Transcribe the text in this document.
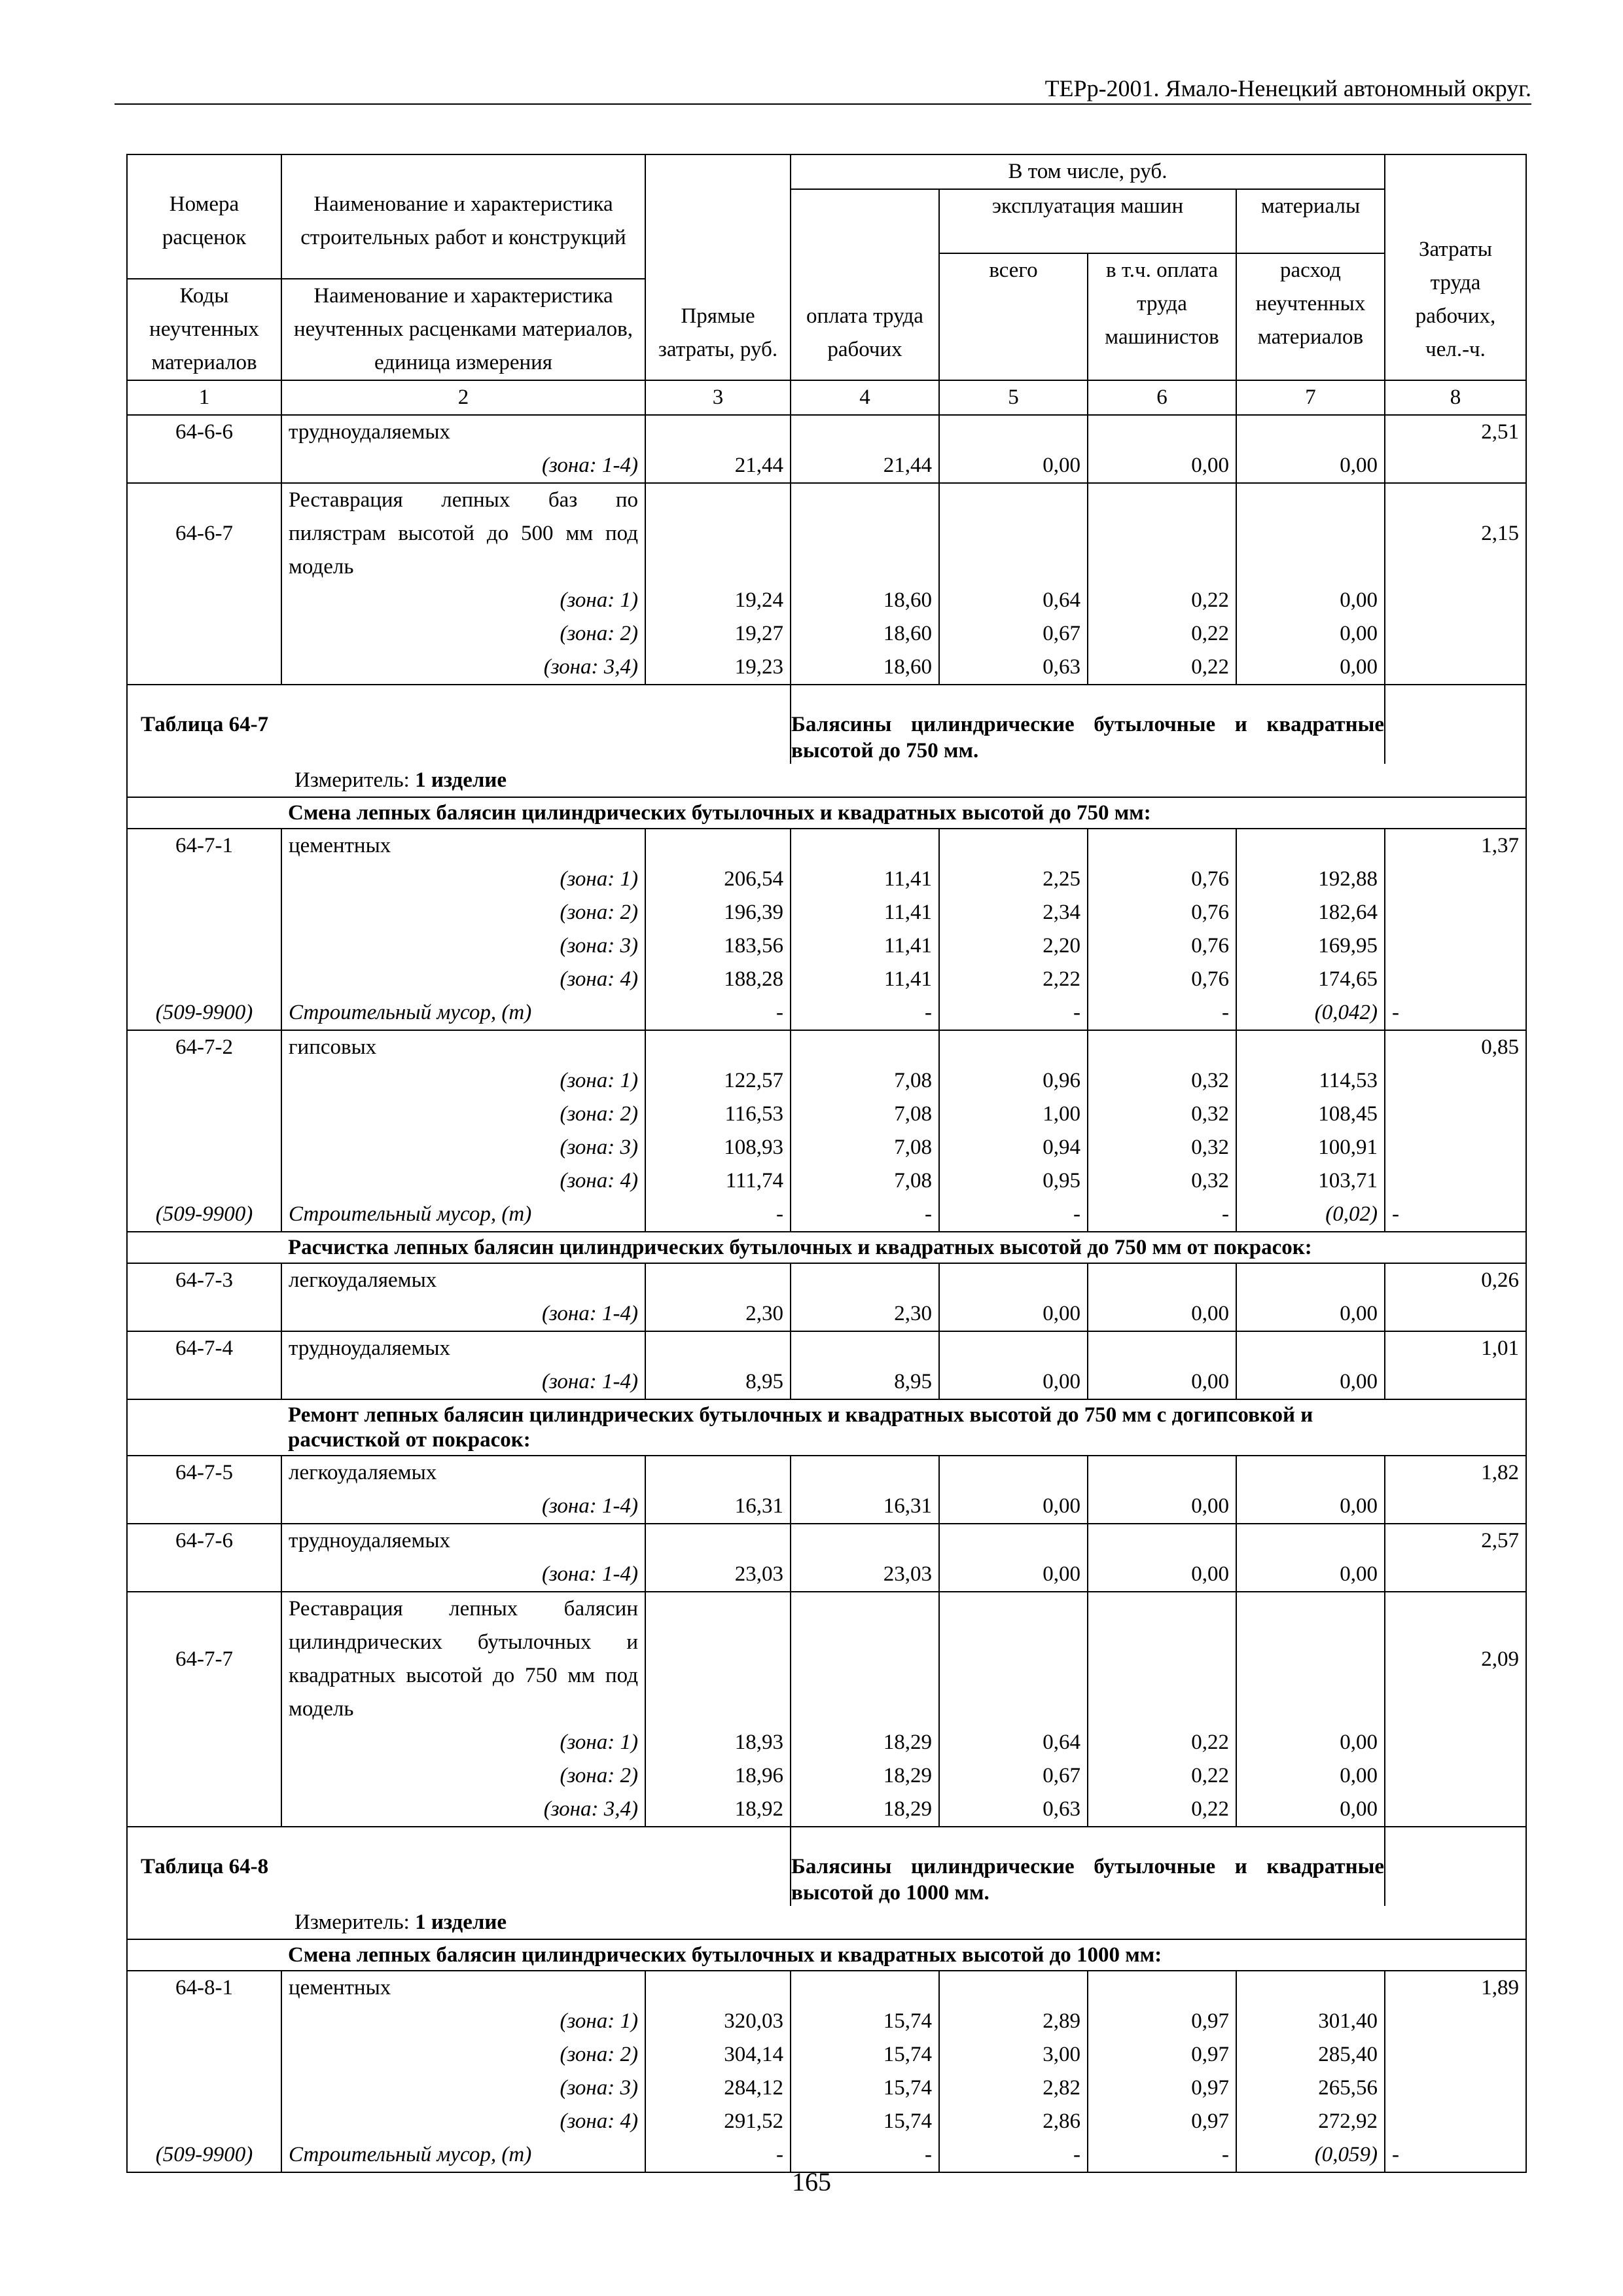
ТЕРр-2001. Ямало-Ненецкий автономный округ.
Номера расценок	Наименование и характеристика строительных работ и конструкций	Прямые затраты, руб.	В том числе, руб.				Затраты труда рабочих, чел.-ч.
			оплата труда рабочих	эксплуатация машин		материалы	
				всего	в т.ч. оплата труда машинистов	расход неучтенных материалов	
Коды неучтенных материалов	Наименование и характеристика неучтенных расценками материалов, единица измерения						
1	2	3	4	5	6	7	8
64-6-6	трудноудаляемых						2,51
	(зона: 1-4)	21,44	21,44	0,00	0,00	0,00	
64-6-7	Реставрация лепных баз по пилястрам высотой до 500 мм под модель						2,15
	(зона: 1)	19,24	18,60	0,64	0,22	0,00	
	(зона: 2)	19,27	18,60	0,67	0,22	0,00	
	(зона: 3,4)	19,23	18,60	0,63	0,22	0,00	
Таблица 64-7			Балясины цилиндрические бутылочные и квадратные высотой до 750 мм.				
	Измеритель: 1 изделие						
	Смена лепных балясин цилиндрических бутылочных и квадратных высотой до 750 мм:						
64-7-1	цементных						1,37
	(зона: 1)	206,54	11,41	2,25	0,76	192,88	
	(зона: 2)	196,39	11,41	2,34	0,76	182,64	
	(зона: 3)	183,56	11,41	2,20	0,76	169,95	
	(зона: 4)	188,28	11,41	2,22	0,76	174,65	
(509-9900)	Строительный мусор, (т)	-	-	-	-	(0,042)	-
64-7-2	гипсовых						0,85
	(зона: 1)	122,57	7,08	0,96	0,32	114,53	
	(зона: 2)	116,53	7,08	1,00	0,32	108,45	
	(зона: 3)	108,93	7,08	0,94	0,32	100,91	
	(зона: 4)	111,74	7,08	0,95	0,32	103,71	
(509-9900)	Строительный мусор, (т)	-	-	-	-	(0,02)	-
	Расчистка лепных балясин цилиндрических бутылочных и квадратных высотой до 750 мм от покрасок:						
64-7-3	легкоудаляемых						0,26
	(зона: 1-4)	2,30	2,30	0,00	0,00	0,00	
64-7-4	трудноудаляемых						1,01
	(зона: 1-4)	8,95	8,95	0,00	0,00	0,00	
	Ремонт лепных балясин цилиндрических бутылочных и квадратных высотой до 750 мм с догипсовкой и расчисткой от покрасок:						
64-7-5	легкоудаляемых						1,82
	(зона: 1-4)	16,31	16,31	0,00	0,00	0,00	
64-7-6	трудноудаляемых						2,57
	(зона: 1-4)	23,03	23,03	0,00	0,00	0,00	
64-7-7	Реставрация лепных балясин цилиндрических бутылочных и квадратных высотой до 750 мм под модель						2,09
	(зона: 1)	18,93	18,29	0,64	0,22	0,00	
	(зона: 2)	18,96	18,29	0,67	0,22	0,00	
	(зона: 3,4)	18,92	18,29	0,63	0,22	0,00	
Таблица 64-8			Балясины цилиндрические бутылочные и квадратные высотой до 1000 мм.				
	Измеритель: 1 изделие						
	Смена лепных балясин цилиндрических бутылочных и квадратных высотой до 1000 мм:						
64-8-1	цементных						1,89
	(зона: 1)	320,03	15,74	2,89	0,97	301,40	
	(зона: 2)	304,14	15,74	3,00	0,97	285,40	
	(зона: 3)	284,12	15,74	2,82	0,97	265,56	
	(зона: 4)	291,52	15,74	2,86	0,97	272,92	
(509-9900)	Строительный мусор, (т)	-	-	-	-	(0,059)	-
165
